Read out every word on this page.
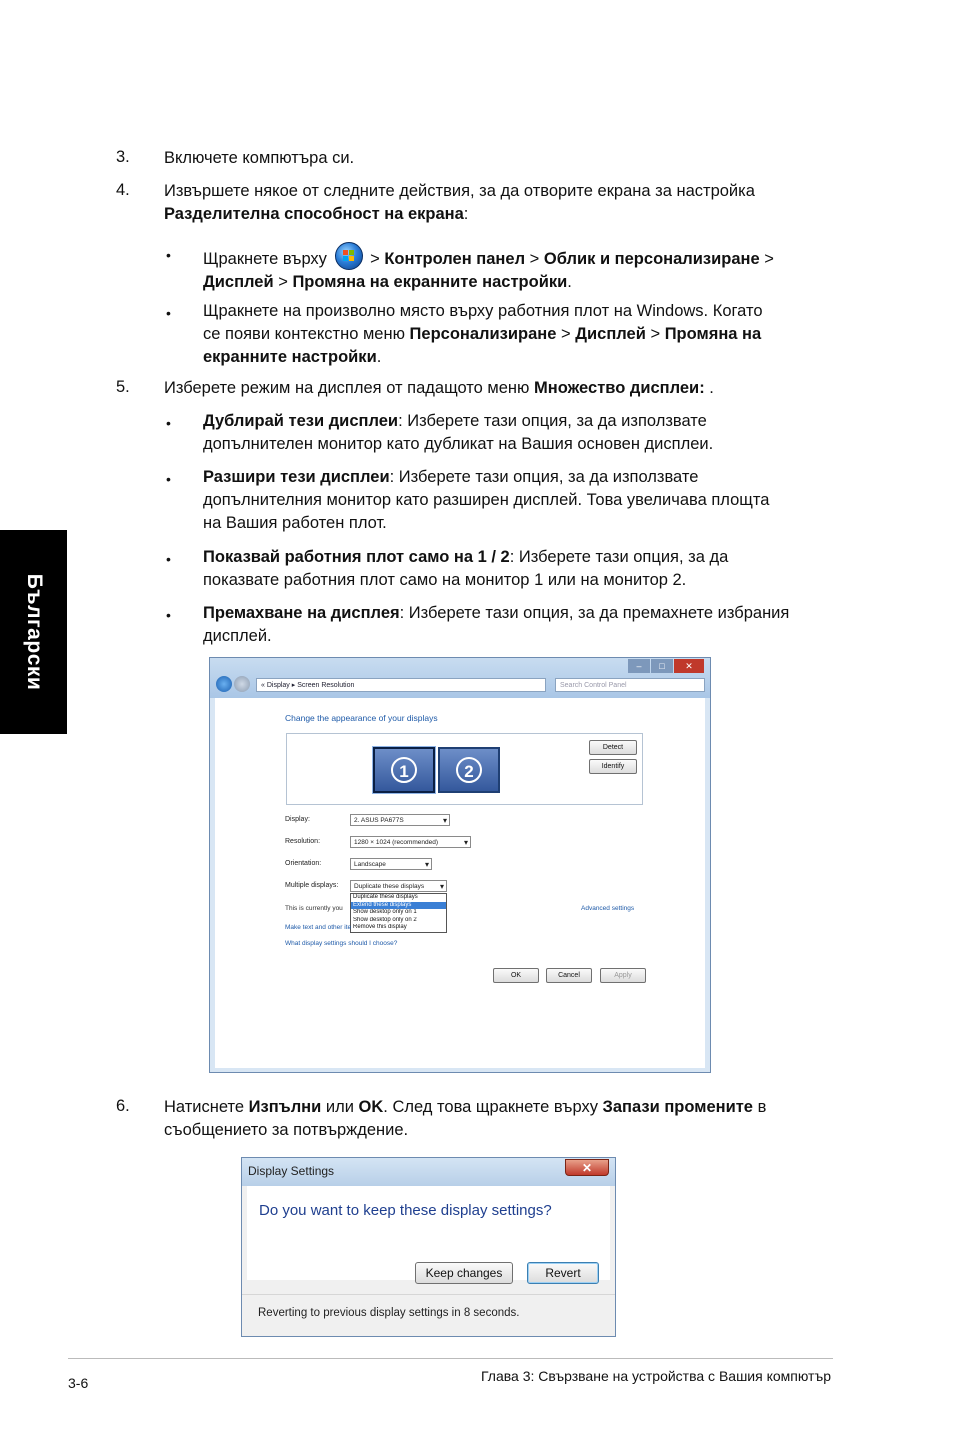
Български
3. Включете компютъра си.
4. Извършете някое от следните действия, за да отворите екрана за настройка
Разделителна способност на екрана:
• Щракнете върху
> Контролен панел > Облик и персонализиране >
Дисплей > Промяна на екранните настройки.
• Щракнете на произволно място върху работния плот на Windows. Когато
се появи контекстно меню Персонализиране > Дисплей > Промяна на
екранните настройки.
5. Изберете режим на дисплея от падащото меню Множество дисплеи: .
• Дублирай тези дисплеи: Изберете тази опция, за да използвате
допълнителен монитор като дубликат на Вашия основен дисплеи.
• Разшири тези дисплеи: Изберете тази опция, за да използвате
допълнителния монитор като разширен дисплей. Това увеличава площта
на Вашия работен плот.
• Показвай работния плот само на 1 / 2: Изберете тази опция, за да
показвате работния плот само на монитор 1 или на монитор 2.
• Премахване на дисплея: Изберете тази опция, за да премахнете избрания
дисплей.
–	□	✕
« Display ▸ Screen Resolution	Search Control Panel
Change the appearance of your displays
1	2
Detect
Identify
Display:	2. ASUS PA677S ▾
Resolution:	1280 × 1024 (recommended) ▾
Orientation:	Landscape ▾
Multiple displays:	Duplicate these displays ▾
Duplicate these displays
Extend these displays
Show desktop only on 1
Show desktop only on 2
Remove this display
This is currently you	Advanced settings
Make text and other ite
What display settings should I choose?
OK	Cancel	Apply
6. Натиснете Изпълни или OK. След това щракнете върху Запази промените в
съобщението за потвърждение.
Display Settings	✕
Do you want to keep these display settings?
Keep changes	Revert
Reverting to previous display settings in 8 seconds.
3-6	Глава 3: Свързване на устройства с Вашия компютър
